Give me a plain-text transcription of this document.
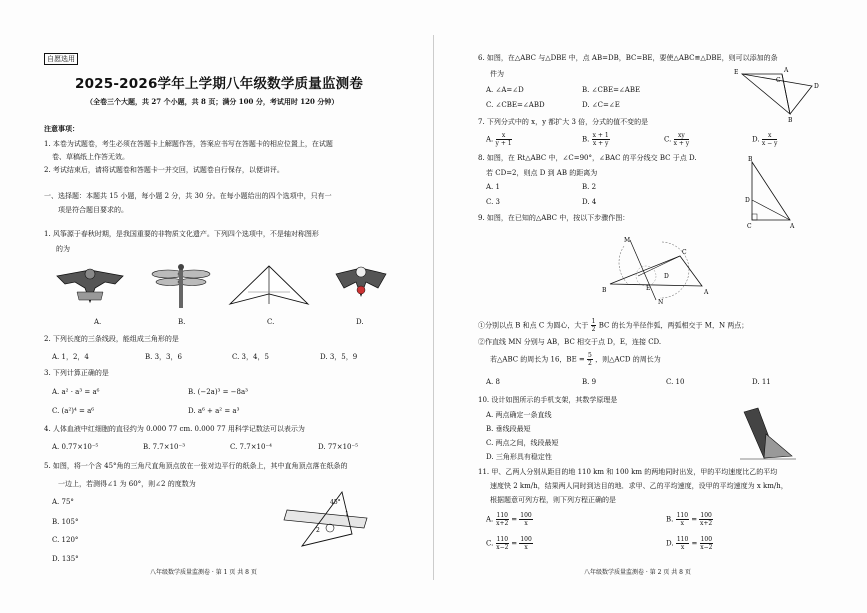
自愿选用
2025-2026学年上学期八年级数学质量监测卷
（全卷三个大题，共 27 个小题，共 8 页；满分 100 分，考试用时 120 分钟）
注意事项：
1. 本卷为试题卷，考生必须在答题卡上解题作答，答案应书写在答题卡的相应位置上，在试题
卷、草稿纸上作答无效。
2. 考试结束后，请将试题卷和答题卡一并交回，试题卷自行保存，以便讲评。
一、选择题：本题共 15 小题，每小题 2 分，共 30 分。在每小题给出的四个选项中，只有一
项是符合题目要求的。
1. 风筝源于春秋时期，是我国重要的非物质文化遗产。下列四个选项中，不是轴对称图形
的为
A.	B.	C.	D.
2. 下列长度的三条线段，能组成三角形的是
A. 1，2，4	B. 3，3，6	C. 3，4，5	D. 3，5，9
3. 下列计算正确的是
A. a² · a³ = a⁶	B. (−2a)³ = −8a³
C. (a²)⁴ = a⁶	D. a⁶ + a² = a³
4. 人体血液中红细胞的直径约为 0.000 77 cm. 0.000 77 用科学记数法可以表示为
A. 0.77×10⁻⁵	B. 7.7×10⁻³	C. 7.7×10⁻⁴	D. 77×10⁻⁵
5. 如图，将一个含 45°角的三角尺直角顶点放在一张对边平行的纸条上，其中直角顶点落在纸条的
一边上，若测得∠1 为 60°，则∠2 的度数为
A. 75°
B. 105°
C. 120°
D. 135°
45°
1
2
八年级数学质量监测卷 · 第 1 页 共 8 页
6. 如图，在△ABC 与△DBE 中，点 AB=DB，BC=BE，要使△ABC≌△DBE，则可以添加的条
件为
A. ∠A=∠D	B. ∠CBE=∠ABE
C. ∠CBE=∠ABD	D. ∠C=∠E
E	A
D
B
C
7. 下列分式中的 x，y 都扩大 3 倍，分式的值不变的是
A. $\frac{x}{y + 1}$	B. $\frac{x + 1}{x + y}$	C. $\frac{xy}{x + y}$	D. $\frac{x}{x - y}$
8. 如图，在 Rt△ABC 中，∠C=90°，∠BAC 的平分线交 BC 于点 D.
若 CD=2，则点 D 到 AB 的距离为
A. 1	B. 2
C. 3	D. 4
B
D
C	A
9. 如图，在已知的△ABC 中，按以下步骤作图：
M
C
B	A
D
E
N
①分别以点 B 和点 C 为圆心，大于 $\frac{1}{2}$ BC 的长为半径作弧，两弧相交于 M，N 两点；
②作直线 MN 分别与 AB，BC 相交于点 D，E，连接 CD.
若△ABC 的周长为 16，BE = $\frac{5}{2}$ ，则△ACD 的周长为
A. 8	B. 9	C. 10	D. 11
10. 设计如图所示的手机支架，其数学原理是
A. 两点确定一条直线
B. 垂线段最短
C. 两点之间，线段最短
D. 三角形具有稳定性
11. 甲、乙两人分别从距目的地 110 km 和 100 km 的两地同时出发，甲的平均速度比乙的平均
速度快 2 km/h，结果两人同时到达目的地．求甲、乙的平均速度，设甲的平均速度为 x km/h，
根据题意可列方程，则下列方程正确的是
A. $\frac{110}{x+2} = \frac{100}{x}$	B. $\frac{110}{x} = \frac{100}{x+2}$
C. $\frac{110}{x-2} = \frac{100}{x}$	D. $\frac{110}{x} = \frac{100}{x-2}$
八年级数学质量监测卷 · 第 2 页 共 8 页
